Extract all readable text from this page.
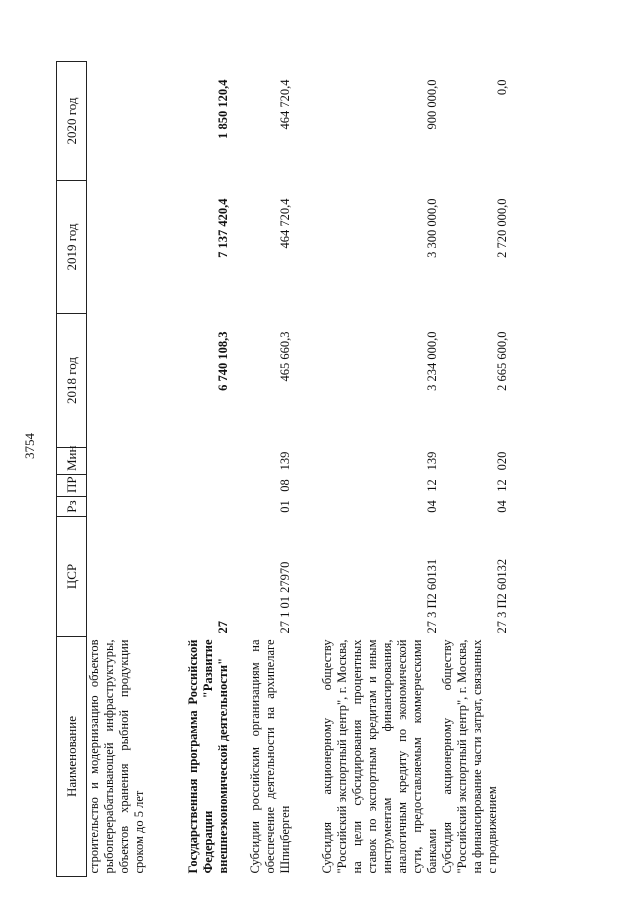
3754
Наименование	ЦСР	Рз	ПР	Мин	2018 год	2019 год	2020 год
строительство и модернизацию объектов рыбоперерабатывающей инфраструктуры, объектов хранения рыбной продукции сроком до 5 лет							
Государственная программа Российской Федерации "Развитие внешнеэкономической деятельности"	27				6 740 108,3	7 137 420,4	1 850 120,4
Субсидии российским организациям на обеспечение деятельности на архипелаге Шпицберген	27 1 01 27970	01	08	139	465 660,3	464 720,4	464 720,4
Субсидия акционерному обществу "Российский экспортный центр", г. Москва, на цели субсидирования процентных ставок по экспортным кредитам и иным инструментам финансирования, аналогичным кредиту по экономической сути, предоставляемым коммерческими банками	27 3 П2 60131	04	12	139	3 234 000,0	3 300 000,0	900 000,0
Субсидия акционерному обществу "Российский экспортный центр", г. Москва, на финансирование части затрат, связанных с продвижением	27 3 П2 60132	04	12	020	2 665 600,0	2 720 000,0	0,0
